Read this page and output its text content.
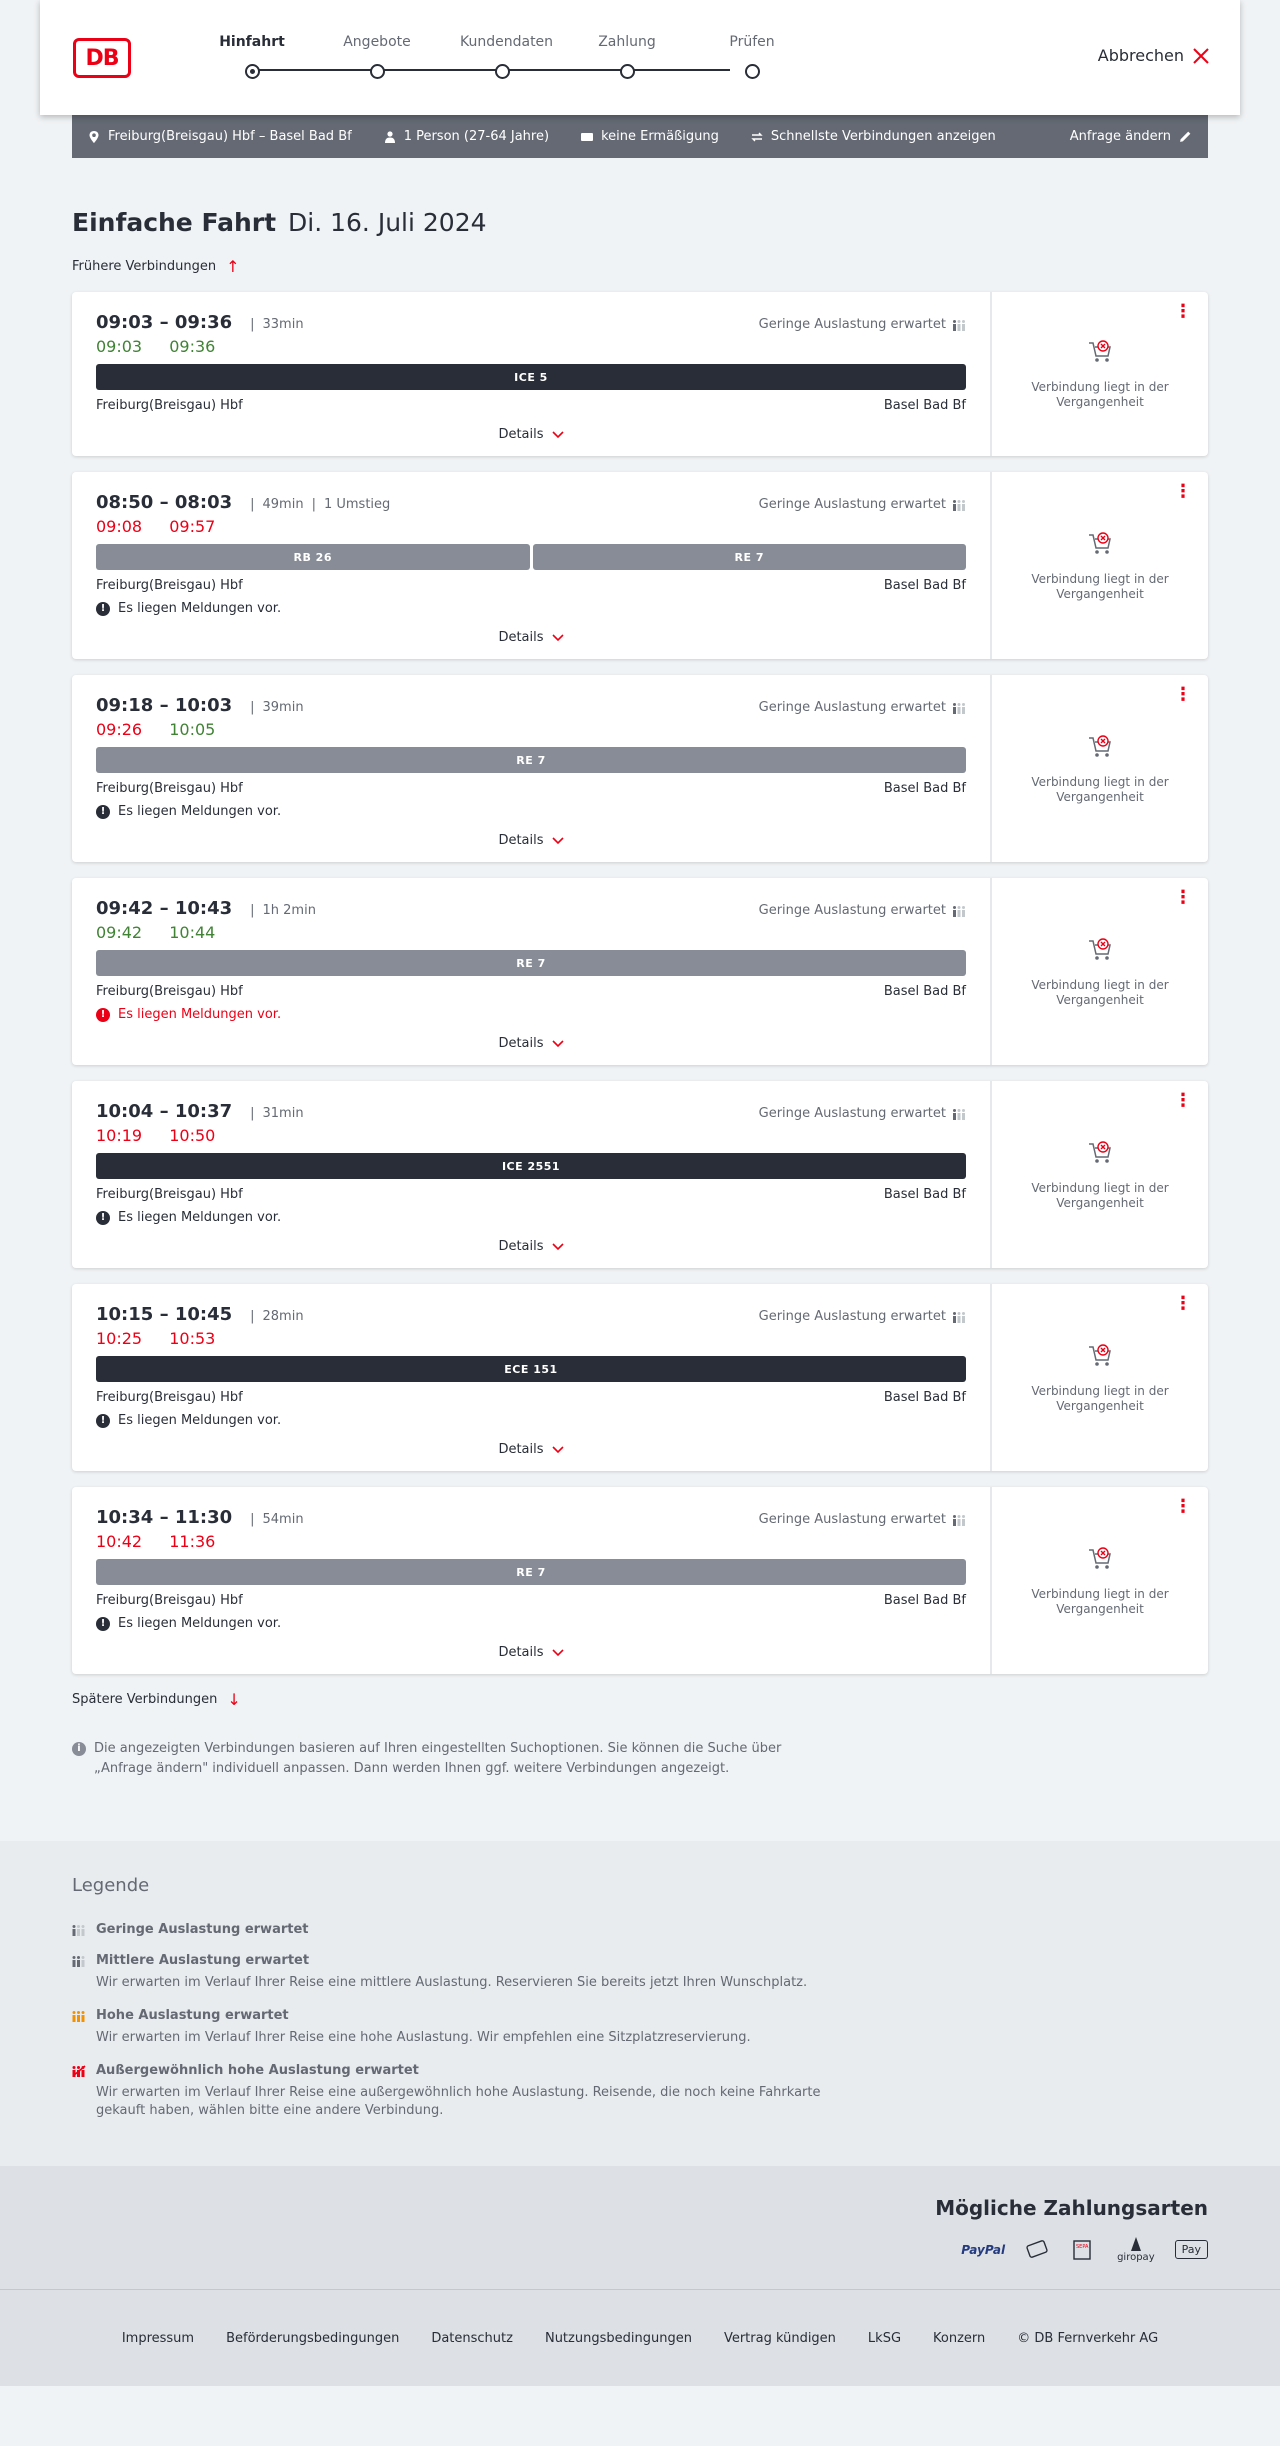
DB
Hinfahrt	Angebote	Kundendaten	Zahlung	Prüfen
Abbrechen
Freiburg(Breisgau) Hbf – Basel Bad Bf	1 Person (27-64 Jahre)	keine Ermäßigung	Schnellste Verbindungen anzeigen	Anfrage ändern
Einfache Fahrt Di. 16. Juli 2024
Frühere Verbindungen ↑
09:03 – 09:36	| 33min	Geringe Auslastung erwartet
09:03 09:36
ICE 5
Freiburg(Breisgau) Hbf	Basel Bad Bf
Details
⋮
Verbindung liegt in der Vergangenheit
08:50 – 08:03	| 49min | 1 Umstieg	Geringe Auslastung erwartet
09:08 09:57
RB 26	RE 7
Freiburg(Breisgau) Hbf	Basel Bad Bf
! Es liegen Meldungen vor.
Details
⋮
Verbindung liegt in der Vergangenheit
09:18 – 10:03	| 39min	Geringe Auslastung erwartet
09:26 10:05
RE 7
Freiburg(Breisgau) Hbf	Basel Bad Bf
! Es liegen Meldungen vor.
Details
⋮
Verbindung liegt in der Vergangenheit
09:42 – 10:43	| 1h 2min	Geringe Auslastung erwartet
09:42 10:44
RE 7
Freiburg(Breisgau) Hbf	Basel Bad Bf
! Es liegen Meldungen vor.
Details
⋮
Verbindung liegt in der Vergangenheit
10:04 – 10:37	| 31min	Geringe Auslastung erwartet
10:19 10:50
ICE 2551
Freiburg(Breisgau) Hbf	Basel Bad Bf
! Es liegen Meldungen vor.
Details
⋮
Verbindung liegt in der Vergangenheit
10:15 – 10:45	| 28min	Geringe Auslastung erwartet
10:25 10:53
ECE 151
Freiburg(Breisgau) Hbf	Basel Bad Bf
! Es liegen Meldungen vor.
Details
⋮
Verbindung liegt in der Vergangenheit
10:34 – 11:30	| 54min	Geringe Auslastung erwartet
10:42 11:36
RE 7
Freiburg(Breisgau) Hbf	Basel Bad Bf
! Es liegen Meldungen vor.
Details
⋮
Verbindung liegt in der Vergangenheit
Spätere Verbindungen ↓
i	Die angezeigten Verbindungen basieren auf Ihren eingestellten Suchoptionen. Sie können die Suche über „Anfrage ändern" individuell anpassen. Dann werden Ihnen ggf. weitere Verbindungen angezeigt.
Legende
Geringe Auslastung erwartet
Mittlere Auslastung erwartet
Wir erwarten im Verlauf Ihrer Reise eine mittlere Auslastung. Reservieren Sie bereits jetzt Ihren Wunschplatz.
Hohe Auslastung erwartet
Wir erwarten im Verlauf Ihrer Reise eine hohe Auslastung. Wir empfehlen eine Sitzplatzreservierung.
Außergewöhnlich hohe Auslastung erwartet
Wir erwarten im Verlauf Ihrer Reise eine außergewöhnlich hohe Auslastung. Reisende, die noch keine Fahrkarte gekauft haben, wählen bitte eine andere Verbindung.
Mögliche Zahlungsarten
PayPal	SEPA
giropay
Pay
Impressum Beförderungsbedingungen Datenschutz Nutzungsbedingungen Vertrag kündigen LkSG Konzern © DB Fernverkehr AG
